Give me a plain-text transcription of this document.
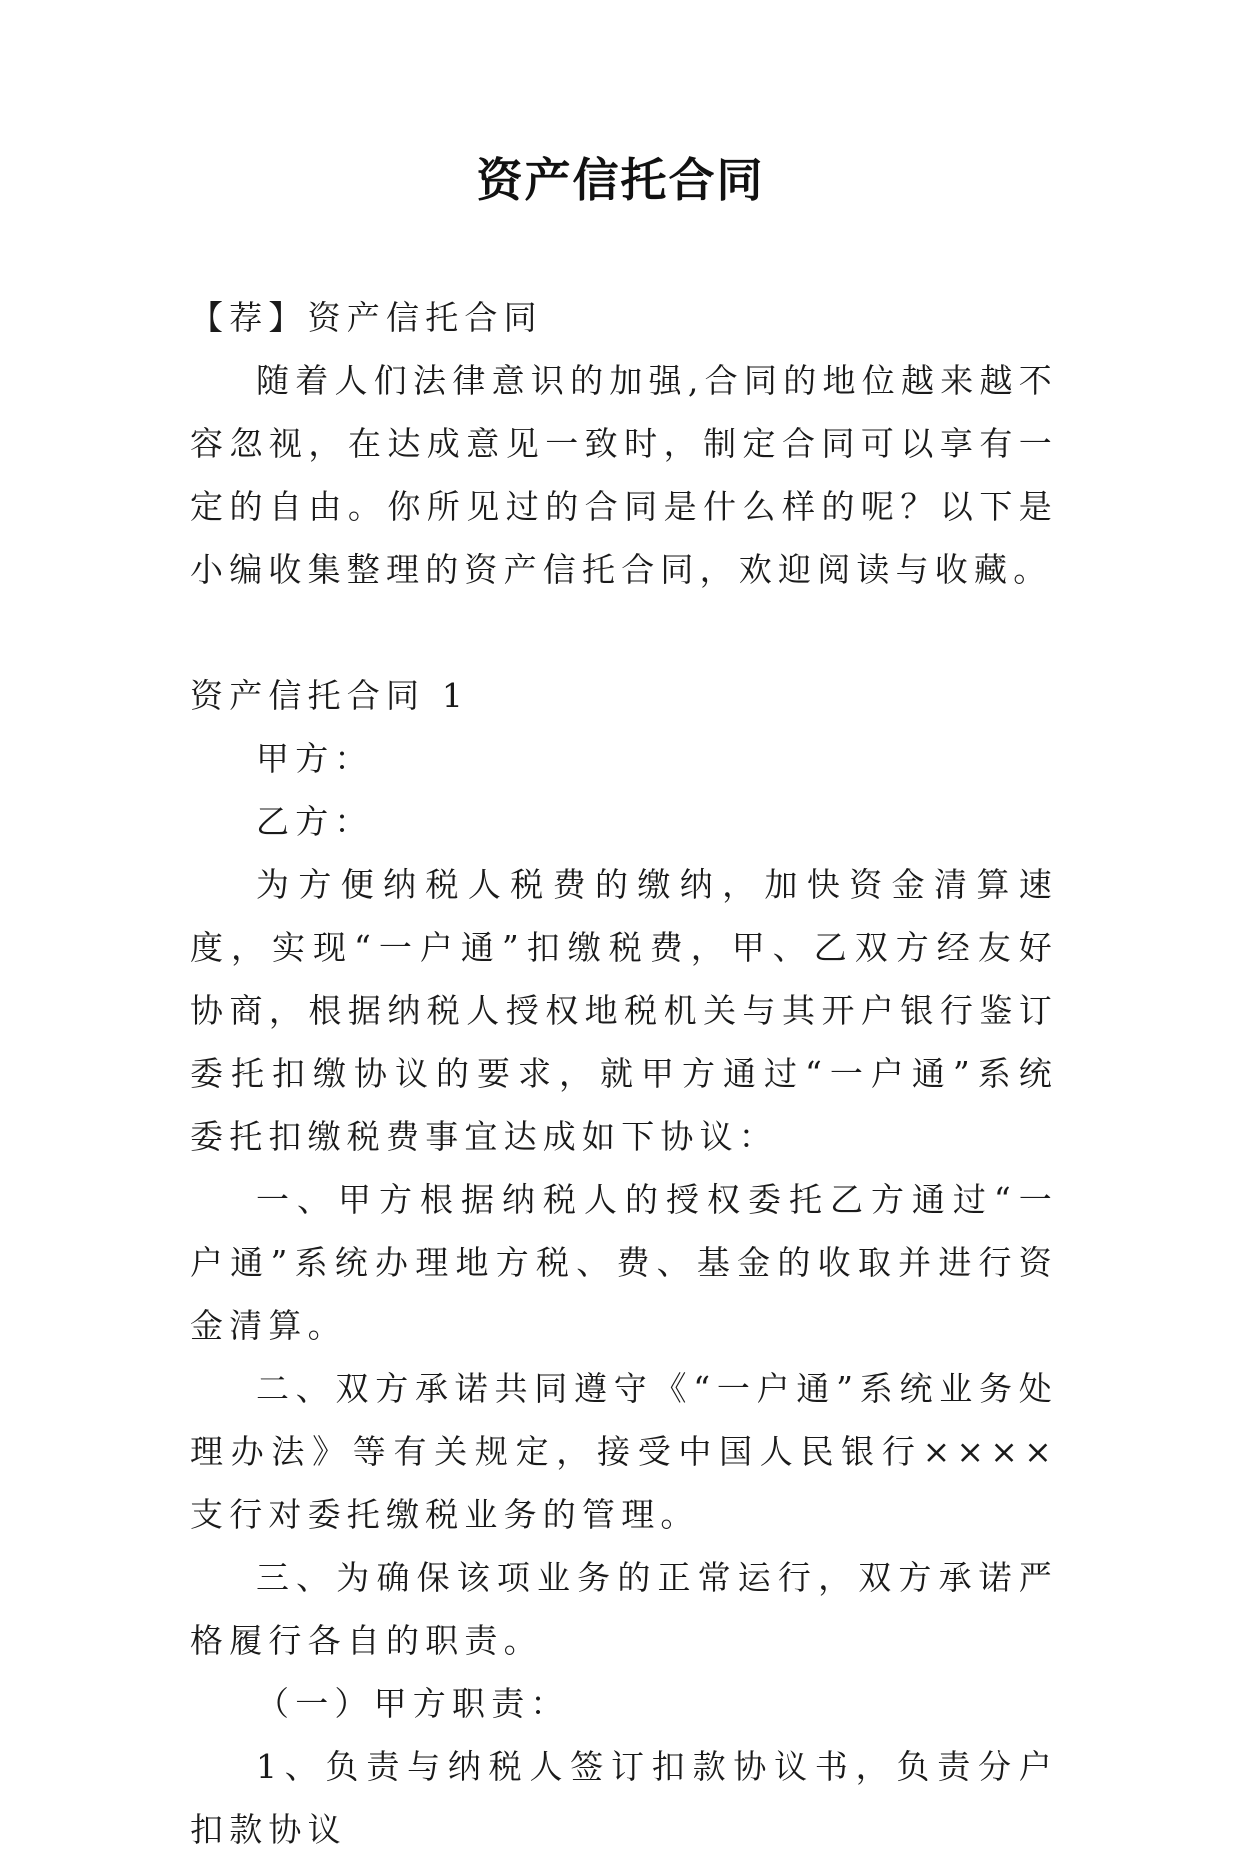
资产信托合同

【荐】资产信托合同

随着人们法律意识的加强,合同的地位越来越不容忽视，在达成意见一致时，制定合同可以享有一定的自由。你所见过的合同是什么样的呢？以下是小编收集整理的资产信托合同，欢迎阅读与收藏。

资产信托合同 1

甲方：

乙方：

为方便纳税人税费的缴纳，加快资金清算速度，实现“一户通”扣缴税费，甲、乙双方经友好协商，根据纳税人授权地税机关与其开户银行鉴订委托扣缴协议的要求，就甲方通过“一户通”系统委托扣缴税费事宜达成如下协议：

一、甲方根据纳税人的授权委托乙方通过“一户通”系统办理地方税、费、基金的收取并进行资金清算。

二、双方承诺共同遵守《“一户通”系统业务处理办法》等有关规定，接受中国人民银行××××支行对委托缴税业务的管理。

三、为确保该项业务的正常运行，双方承诺严格履行各自的职责。

（一）甲方职责：

1、负责与纳税人签订扣款协议书，负责分户扣款协议
